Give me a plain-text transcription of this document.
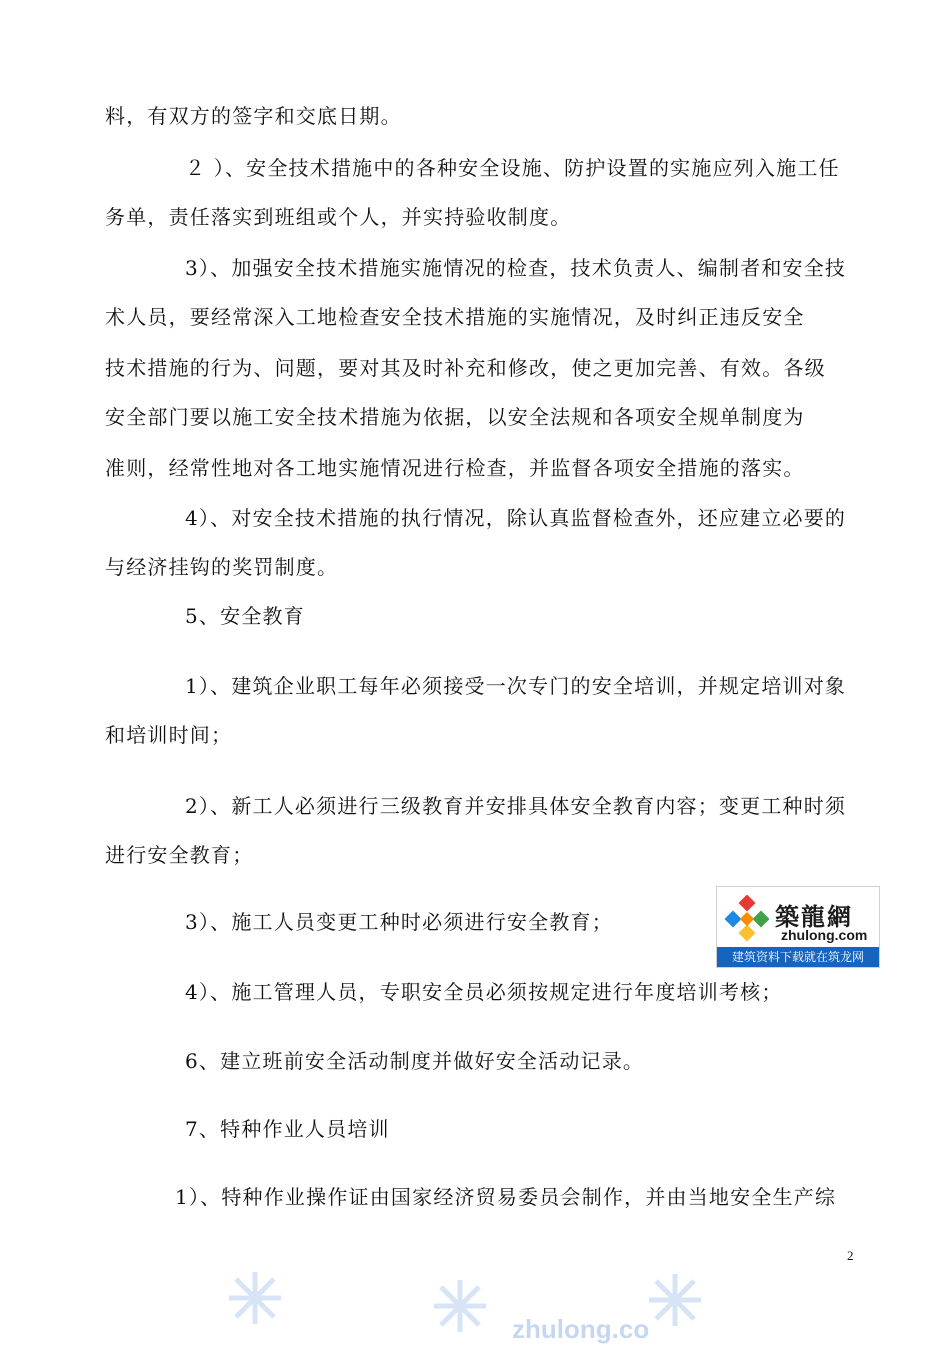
料，有双方的签字和交底日期。
２ ）、安全技术措施中的各种安全设施、防护设置的实施应列入施工任
务单，责任落实到班组或个人，并实持验收制度。
3）、加强安全技术措施实施情况的检查，技术负责人、编制者和安全技
术人员，要经常深入工地检查安全技术措施的实施情况，及时纠正违反安全
技术措施的行为、问题，要对其及时补充和修改，使之更加完善、有效。各级
安全部门要以施工安全技术措施为依据，以安全法规和各项安全规单制度为
准则，经常性地对各工地实施情况进行检查，并监督各项安全措施的落实。
4）、对安全技术措施的执行情况，除认真监督检查外，还应建立必要的
与经济挂钩的奖罚制度。
5、安全教育
1）、建筑企业职工每年必须接受一次专门的安全培训，并规定培训对象
和培训时间；
2）、新工人必须进行三级教育并安排具体安全教育内容；变更工种时须
进行安全教育；
3）、施工人员变更工种时必须进行安全教育；
4）、施工管理人员，专职安全员必须按规定进行年度培训考核；
6、建立班前安全活动制度并做好安全活动记录。
7、特种作业人员培训
1）、特种作业操作证由国家经济贸易委员会制作，并由当地安全生产综
2
築龍網
zhulong.com
建筑资料下载就在筑龙网
zhulong.co
